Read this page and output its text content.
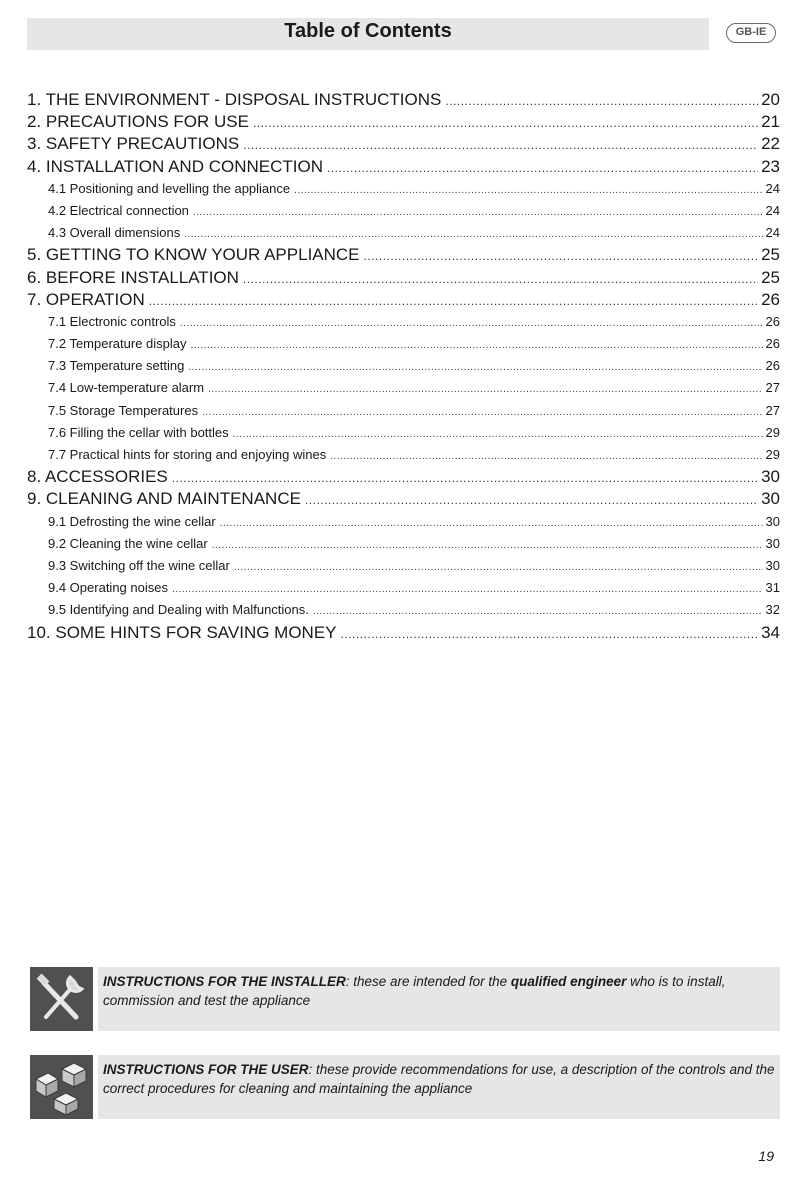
Table of Contents	GB-IE
1. THE ENVIRONMENT - DISPOSAL INSTRUCTIONS .....	20
2. PRECAUTIONS FOR USE .....	21
3. SAFETY PRECAUTIONS .....	22
4. INSTALLATION AND CONNECTION .....	23
4.1 Positioning and levelling the appliance .....	24
4.2 Electrical connection .....	24
4.3 Overall dimensions .....	24
5. GETTING TO KNOW YOUR APPLIANCE .....	25
6. BEFORE INSTALLATION .....	25
7. OPERATION .....	26
7.1 Electronic controls .....	26
7.2 Temperature display .....	26
7.3 Temperature setting .....	26
7.4 Low-temperature alarm .....	27
7.5 Storage Temperatures .....	27
7.6 Filling the cellar with bottles .....	29
7.7 Practical hints for storing and enjoying wines .....	29
8. ACCESSORIES .....	30
9. CLEANING AND MAINTENANCE .....	30
9.1 Defrosting the wine cellar .....	30
9.2 Cleaning the wine cellar .....	30
9.3 Switching off the wine cellar .....	30
9.4 Operating noises .....	31
9.5 Identifying and Dealing with Malfunctions. .....	32
10. SOME HINTS FOR SAVING MONEY .....	34
INSTRUCTIONS FOR THE INSTALLER: these are intended for the qualified engineer who is to install, commission and test the appliance
INSTRUCTIONS FOR THE USER: these provide recommendations for use, a description of the controls and the correct procedures for cleaning and maintaining the appliance
19
